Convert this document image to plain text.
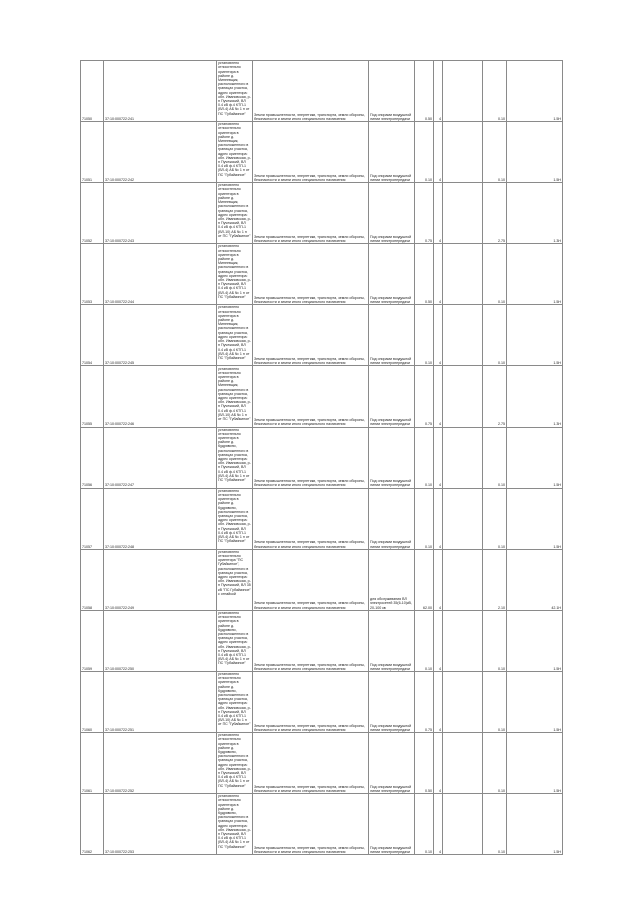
71050	37:10:000722:241	установлено относительно ориентира в районе д. Минеевщик, расположенного в границах участка, адрес ориентира: обл. Ивановская, р-н Пучежский, ВЛ 0.4 кВ ф.4 КТП-1 (ВЛ-4) АБ № 1 п от ПС "Губайкиное"	Земли промышленности, энергетики, транспорта, земли обороны, безопасности и земли иного специального назначения	Под опорами воздушной линии электропередачи	0.50	4		0.10	1.5Н
71051	37:10:000722:242	установлено относительно ориентира в районе д. Минеевщик, расположенного в границах участка, адрес ориентира: обл. Ивановская, р-н Пучежский, ВЛ 0.4 кВ ф.4 КТП-1 (ВЛ-4) АБ № 1 п от ПС "Губайкиное"	Земли промышленности, энергетики, транспорта, земли обороны, безопасности и земли иного специального назначения	Под опорами воздушной линии электропередачи	0.10	4		0.10	1.5Н
71052	37:10:000722:243	установлено относительно ориентира в районе д. Минеевщик, расположенного в границах участка, адрес ориентира: обл. Ивановская, р-н Пучежский, ВЛ 0.4 кВ ф.4 КТП-1 (ВЛ-10) АБ № 1 п от ПС "Губайкиное"	Земли промышленности, энергетики, транспорта, земли обороны, безопасности и земли иного специального назначения	Под опорами воздушной линии электропередачи	0.75	4		2.75	1.3Н
71053	37:10:000722:244	установлено относительно ориентира в районе д. Минеевщик, расположенного в границах участка, адрес ориентира: обл. Ивановская, р-н Пучежский, ВЛ 0.4 кВ ф.4 КТП-1 (ВЛ-4) АБ № 1 п от ПС "Губайкиное"	Земли промышленности, энергетики, транспорта, земли обороны, безопасности и земли иного специального назначения	Под опорами воздушной линии электропередачи	0.50	4		0.10	1.5Н
71054	37:10:000722:245	установлено относительно ориентира в районе д. Минеевщик, расположенного в границах участка, адрес ориентира: обл. Ивановская, р-н Пучежский, ВЛ 0.4 кВ ф.4 КТП-1 (ВЛ-4) АБ № 1 п от ПС "Губайкиное"	Земли промышленности, энергетики, транспорта, земли обороны, безопасности и земли иного специального назначения	Под опорами воздушной линии электропередачи	0.10	4		0.10	1.5Н
71055	37:10:000722:246	установлено относительно ориентира в районе д. Минеевщик, расположенного в границах участка, адрес ориентира: обл. Ивановская, р-н Пучежский, ВЛ 0.4 кВ ф.4 КТП-1 (ВЛ-10) АБ № 1 п от ПС "Губайкиное"	Земли промышленности, энергетики, транспорта, земли обороны, безопасности и земли иного специального назначения	Под опорами воздушной линии электропередачи	0.75	4		2.75	1.3Н
71056	37:10:000722:247	установлено относительно ориентира в районе д. Кудрявино, расположенного в границах участка, адрес ориентира: обл. Ивановская, р-н Пучежский, ВЛ 0.4 кВ ф.4 КТП-1 (ВЛ-4) АБ № 1 п от ПС "Губайкиное"	Земли промышленности, энергетики, транспорта, земли обороны, безопасности и земли иного специального назначения	Под опорами воздушной линии электропередачи	0.10	4		0.10	1.5Н
71057	37:10:000722:248	установлено относительно ориентира в районе д. Кудрявино, расположенного в границах участка, адрес ориентира: обл. Ивановская, р-н Пучежский, ВЛ 0.4 кВ ф.4 КТП-1 (ВЛ-4) АБ № 1 п от ПС "Губайкиное"	Земли промышленности, энергетики, транспорта, земли обороны, безопасности и земли иного специального назначения	Под опорами воздушной линии электропередачи	0.10	4		0.10	1.5Н
71058	37:10:000722:249	установлено относительно ориентира "ПС Губайкиное", расположенного в границах участка, адрес ориентира: обл. Ивановская, р-н Пучежский, ВЛ 35 кВ "ПС Губайкиное" с отпайкой	Земли промышленности, энергетики, транспорта, земли обороны, безопасности и земли иного специального назначения	для обслуживания ВЛ электросетей 35(6-10)кВ, 20-100 кв	62.00	4		2.10	42.1Н
71059	37:10:000722:250	установлено относительно ориентира в районе д. Кудрявино, расположенного в границах участка, адрес ориентира: обл. Ивановская, р-н Пучежский, ВЛ 0.4 кВ ф.4 КТП-1 (ВЛ-4) АБ № 1 п от ПС "Губайкиное"	Земли промышленности, энергетики, транспорта, земли обороны, безопасности и земли иного специального назначения	Под опорами воздушной линии электропередачи	0.10	4		0.10	1.5Н
71060	37:10:000722:251	установлено относительно ориентира в районе д. Кудрявино, расположенного в границах участка, адрес ориентира: обл. Ивановская, р-н Пучежский, ВЛ 0.4 кВ ф.4 КТП-1 (ВЛ-10) АБ № 1 п от ПС "Губайкиное"	Земли промышленности, энергетики, транспорта, земли обороны, безопасности и земли иного специального назначения	Под опорами воздушной линии электропередачи	0.75	4		0.10	1.5Н
71061	37:10:000722:252	установлено относительно ориентира в районе д. Кудрявино, расположенного в границах участка, адрес ориентира: обл. Ивановская, р-н Пучежский, ВЛ 0.4 кВ ф.4 КТП-1 (ВЛ-4) АБ № 1 п от ПС "Губайкиное"	Земли промышленности, энергетики, транспорта, земли обороны, безопасности и земли иного специального назначения	Под опорами воздушной линии электропередачи	0.50	4		0.10	1.5Н
71062	37:10:000722:253	установлено относительно ориентира в районе д. Кудрявино, расположенного в границах участка, адрес ориентира: обл. Ивановская, р-н Пучежский, ВЛ 0.4 кВ ф.4 КТП-1 (ВЛ-4) АБ № 1 п от ПС "Губайкиное"	Земли промышленности, энергетики, транспорта, земли обороны, безопасности и земли иного специального назначения	Под опорами воздушной линии электропередачи	0.10	4		0.10	1.5Н
